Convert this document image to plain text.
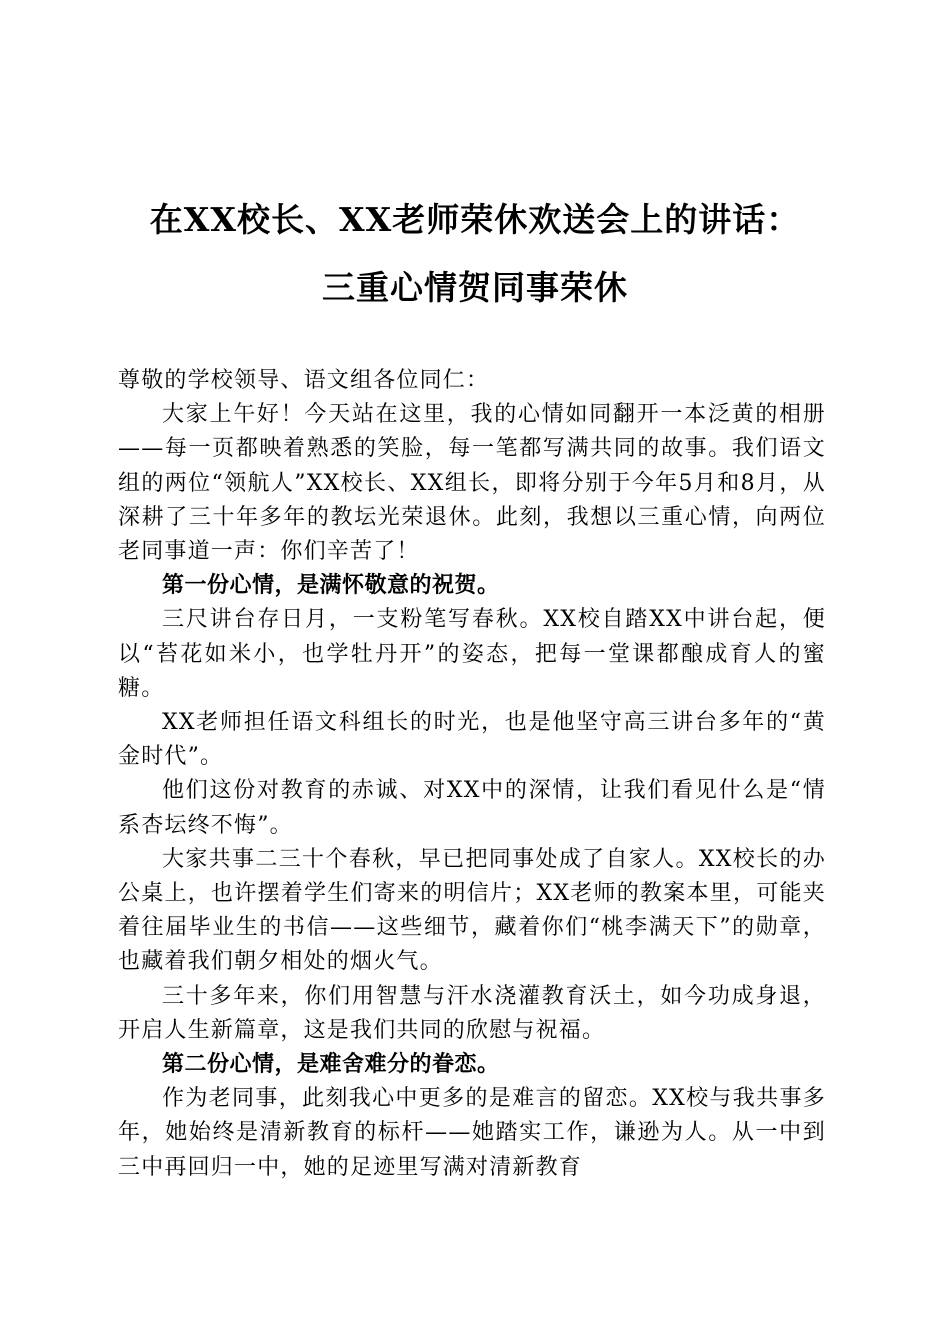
在XX校长、XX老师荣休欢送会上的讲话：
三重心情贺同事荣休

尊敬的学校领导、语文组各位同仁：

大家上午好！今天站在这里，我的心情如同翻开一本泛黄的相册——每一页都映着熟悉的笑脸，每一笔都写满共同的故事。我们语文组的两位“领航人”XX校长、XX组长，即将分别于今年5月和8月，从深耕了三十年多年的教坛光荣退休。此刻，我想以三重心情，向两位老同事道一声：你们辛苦了！

第一份心情，是满怀敬意的祝贺。

三尺讲台存日月，一支粉笔写春秋。XX校自踏XX中讲台起，便以“苔花如米小，也学牡丹开”的姿态，把每一堂课都酿成育人的蜜糖。

XX老师担任语文科组长的时光，也是他坚守高三讲台多年的“黄金时代”。

他们这份对教育的赤诚、对XX中的深情，让我们看见什么是“情系杏坛终不悔”。

大家共事二三十个春秋，早已把同事处成了自家人。XX校长的办公桌上，也许摆着学生们寄来的明信片；XX老师的教案本里，可能夹着往届毕业生的书信——这些细节，藏着你们“桃李满天下”的勋章，也藏着我们朝夕相处的烟火气。

三十多年来，你们用智慧与汗水浇灌教育沃土，如今功成身退，开启人生新篇章，这是我们共同的欣慰与祝福。

第二份心情，是难舍难分的眷恋。

作为老同事，此刻我心中更多的是难言的留恋。XX校与我共事多年，她始终是清新教育的标杆——她踏实工作，谦逊为人。从一中到三中再回归一中，她的足迹里写满对清新教育
